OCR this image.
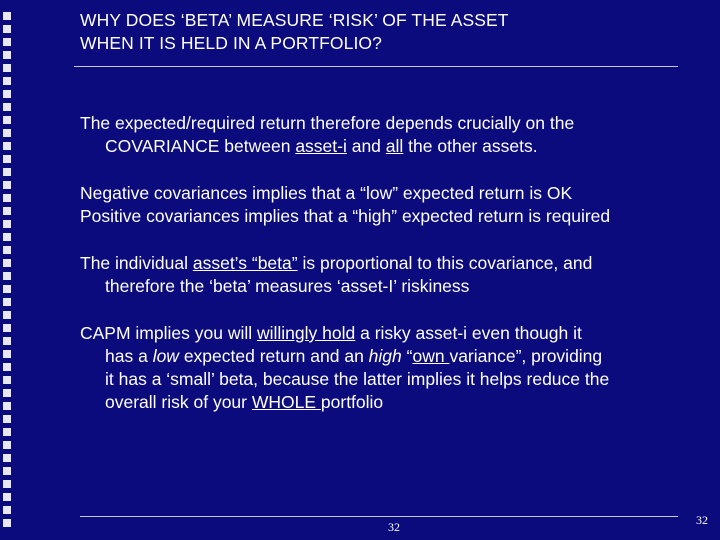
WHY DOES ‘BETA’ MEASURE ‘RISK’ OF THE ASSET
WHEN IT IS HELD IN A PORTFOLIO?

The expected/required return therefore depends crucially on the
COVARIANCE between asset-i and all the other assets.

Negative covariances implies that a “low” expected return is OK

Positive covariances implies that a “high” expected return is required

The individual asset’s “beta” is proportional to this covariance, and
therefore the ‘beta’ measures ‘asset-I’ riskiness

CAPM implies you will willingly hold a risky asset-i even though it
has a low expected return and an high “own variance”, providing
it has a ‘small’ beta, because the latter implies it helps reduce the
overall risk of your WHOLE portfolio

32	32
